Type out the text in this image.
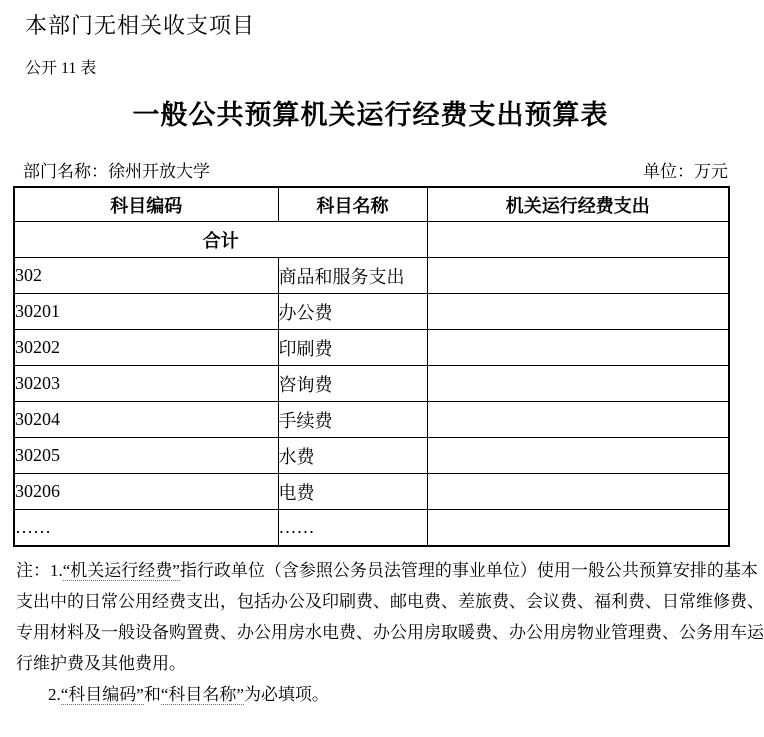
本部门无相关收支项目
公开 11 表
一般公共预算机关运行经费支出预算表
部门名称：徐州开放大学	单位：万元
科目编码	科目名称	机关运行经费支出
合计		
302	商品和服务支出	
30201	办公费	
30202	印刷费	
30203	咨询费	
30204	手续费	
30205	水费	
30206	电费	
……	……	
注：1.“机关运行经费”指行政单位（含参照公务员法管理的事业单位）使用一般公共预算安排的基本
支出中的日常公用经费支出，包括办公及印刷费、邮电费、差旅费、会议费、福利费、日常维修费、
专用材料及一般设备购置费、办公用房水电费、办公用房取暖费、办公用房物业管理费、公务用车运
行维护费及其他费用。
2.“科目编码”和“科目名称”为必填项。
